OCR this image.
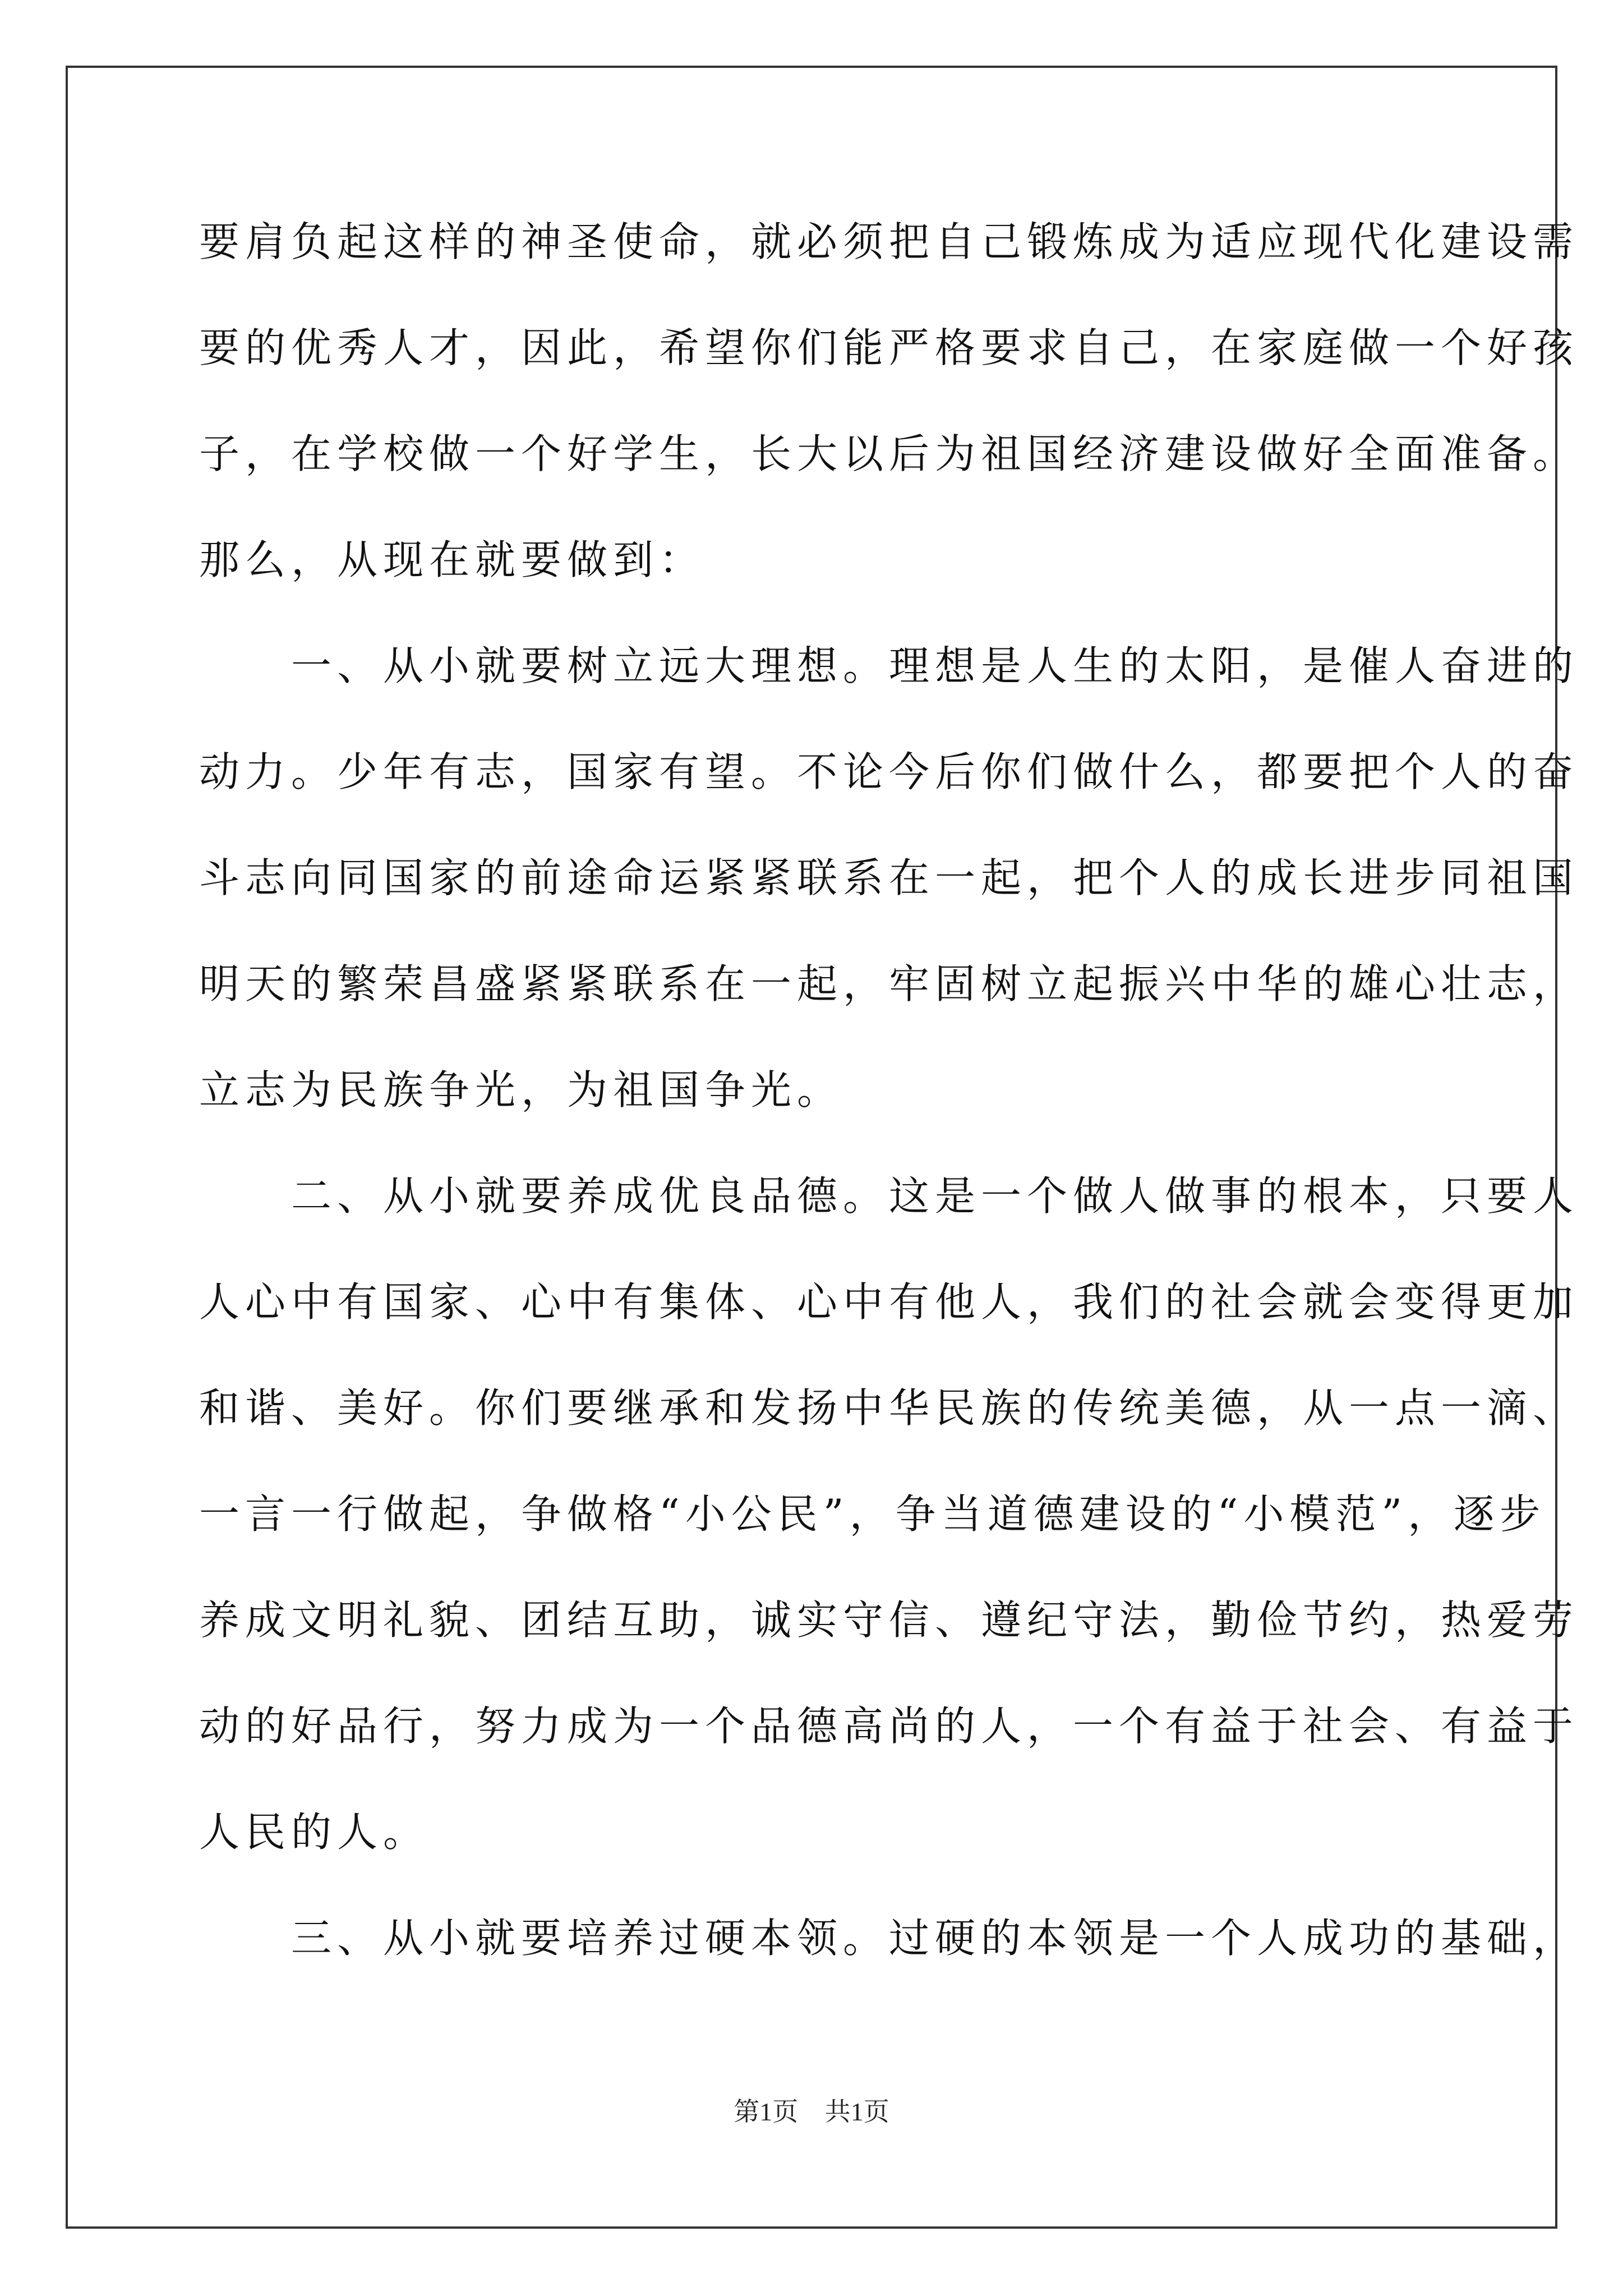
要肩负起这样的神圣使命，就必须把自己锻炼成为适应现代化建设需
要的优秀人才，因此，希望你们能严格要求自己，在家庭做一个好孩
子，在学校做一个好学生，长大以后为祖国经济建设做好全面准备。
那么，从现在就要做到：
　　一、从小就要树立远大理想。理想是人生的太阳，是催人奋进的
动力。少年有志，国家有望。不论今后你们做什么，都要把个人的奋
斗志向同国家的前途命运紧紧联系在一起，把个人的成长进步同祖国
明天的繁荣昌盛紧紧联系在一起，牢固树立起振兴中华的雄心壮志，
立志为民族争光，为祖国争光。
　　二、从小就要养成优良品德。这是一个做人做事的根本，只要人
人心中有国家、心中有集体、心中有他人，我们的社会就会变得更加
和谐、美好。你们要继承和发扬中华民族的传统美德，从一点一滴、
一言一行做起，争做格“小公民”，争当道德建设的“小模范”，逐步
养成文明礼貌、团结互助，诚实守信、遵纪守法，勤俭节约，热爱劳
动的好品行，努力成为一个品德高尚的人，一个有益于社会、有益于
人民的人。
　　三、从小就要培养过硬本领。过硬的本领是一个人成功的基础，
第1页 共1页
